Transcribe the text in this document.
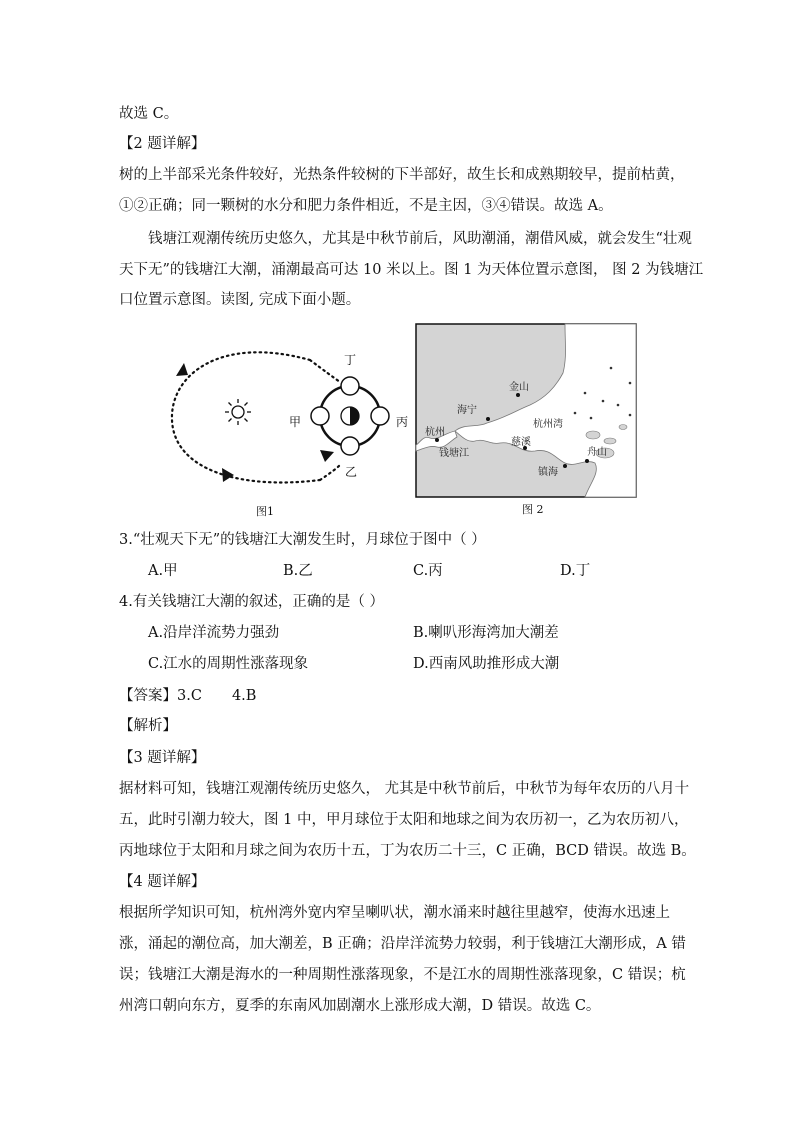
故选 C。
【2 题详解】
树的上半部采光条件较好，光热条件较树的下半部好，故生长和成熟期较早，提前枯黄，
①②正确；同一颗树的水分和肥力条件相近，不是主因，③④错误。故选 A。
钱塘江观潮传统历史悠久，尤其是中秋节前后，风助潮涌，潮借风威，就会发生“壮观
天下无”的钱塘江大潮，涌潮最高可达 10 米以上。图 1 为天体位置示意图， 图 2 为钱塘江
口位置示意图。读图, 完成下面小题。
丁
甲	丙
乙
图1
金山
海宁
杭州
杭州湾
慈溪
钱塘江	舟山
镇海
图 2
3.“壮观天下无”的钱塘江大潮发生时，月球位于图中（ ）
A.甲	B.乙	C.丙	D.丁
4.有关钱塘江大潮的叙述，正确的是（ ）
A.沿岸洋流势力强劲	B.喇叭形海湾加大潮差
C.江水的周期性涨落现象	D.西南风助推形成大潮
【答案】3.C 4.B
【解析】
【3 题详解】
据材料可知，钱塘江观潮传统历史悠久， 尤其是中秋节前后，中秋节为每年农历的八月十
五，此时引潮力较大，图 1 中，甲月球位于太阳和地球之间为农历初一，乙为农历初八，
丙地球位于太阳和月球之间为农历十五，丁为农历二十三，C 正确，BCD 错误。故选 B。
【4 题详解】
根据所学知识可知，杭州湾外宽内窄呈喇叭状，潮水涌来时越往里越窄，使海水迅速上
涨，涌起的潮位高，加大潮差，B 正确；沿岸洋流势力较弱，利于钱塘江大潮形成，A 错
误；钱塘江大潮是海水的一种周期性涨落现象，不是江水的周期性涨落现象，C 错误；杭
州湾口朝向东方，夏季的东南风加剧潮水上涨形成大潮，D 错误。故选 C。
